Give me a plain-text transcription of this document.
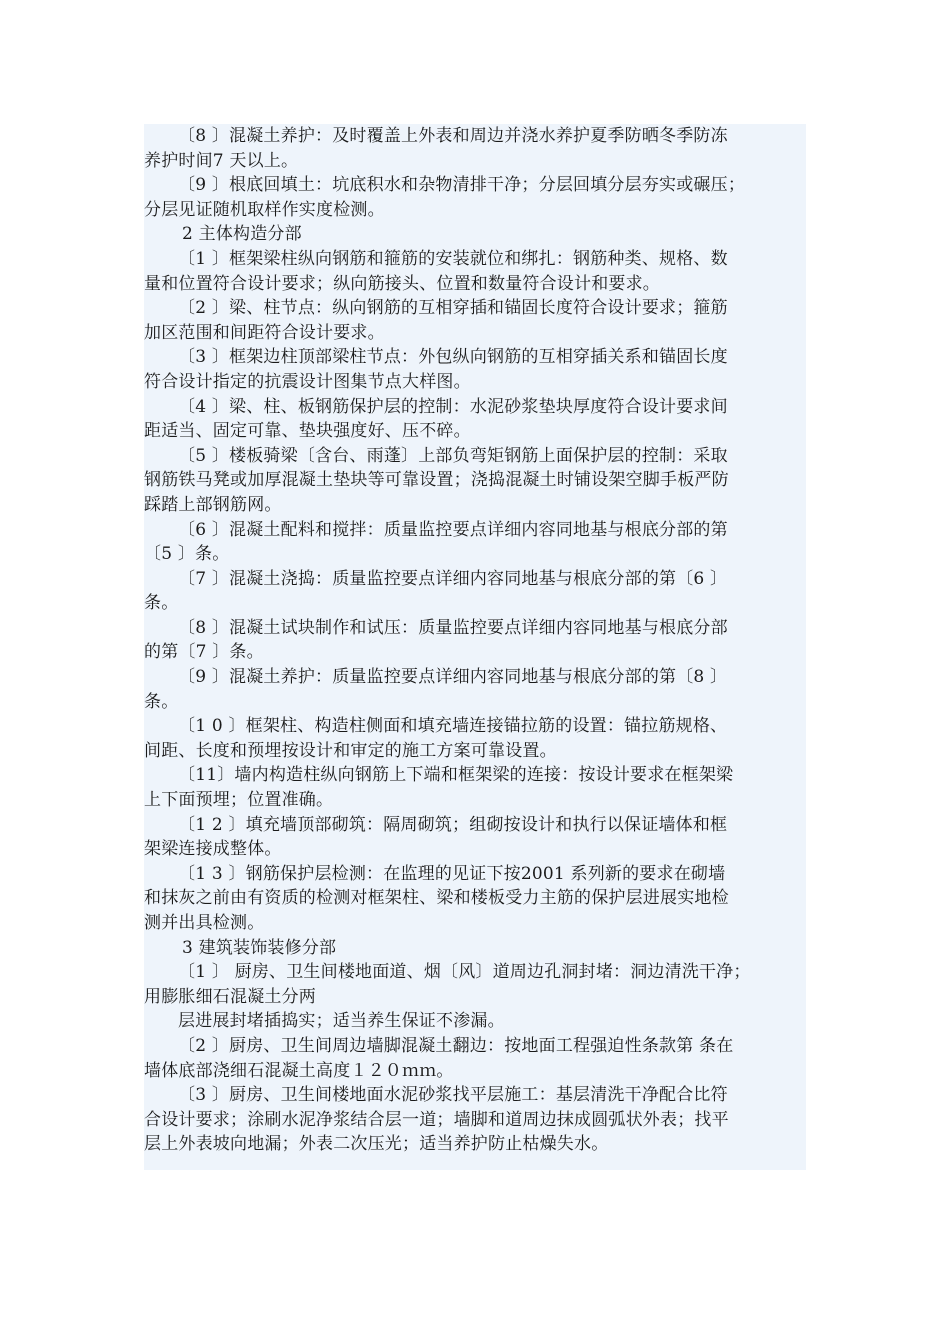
〔8 〕混凝土养护：及时覆盖上外表和周边并浇水养护夏季防晒冬季防冻
养护时间7 天以上。
〔9 〕根底回填土：坑底积水和杂物清排干净；分层回填分层夯实或碾压；
分层见证随机取样作实度检测。
2 主体构造分部
〔1 〕框架梁柱纵向钢筋和箍筋的安装就位和绑扎：钢筋种类、规格、数
量和位置符合设计要求；纵向筋接头、位置和数量符合设计和要求。
〔2 〕梁、柱节点：纵向钢筋的互相穿插和锚固长度符合设计要求；箍筋
加区范围和间距符合设计要求。
〔3 〕框架边柱顶部梁柱节点：外包纵向钢筋的互相穿插关系和锚固长度
符合设计指定的抗震设计图集节点大样图。
〔4 〕梁、柱、板钢筋保护层的控制：水泥砂浆垫块厚度符合设计要求间
距适当、固定可靠、垫块强度好、压不碎。
〔5 〕楼板骑梁〔含台、雨蓬〕上部负弯矩钢筋上面保护层的控制：采取
钢筋铁马凳或加厚混凝土垫块等可靠设置；浇捣混凝土时铺设架空脚手板严防
踩踏上部钢筋网。
〔6 〕混凝土配料和搅拌：质量监控要点详细内容同地基与根底分部的第
〔5 〕条。
〔7 〕混凝土浇捣：质量监控要点详细内容同地基与根底分部的第〔6 〕
条。
〔8 〕混凝土试块制作和试压：质量监控要点详细内容同地基与根底分部
的第〔7 〕条。
〔9 〕混凝土养护：质量监控要点详细内容同地基与根底分部的第〔8 〕
条。
〔1 0 〕框架柱、构造柱侧面和填充墙连接锚拉筋的设置：锚拉筋规格、
间距、长度和预埋按设计和审定的施工方案可靠设置。
〔11〕墙内构造柱纵向钢筋上下端和框架梁的连接：按设计要求在框架梁
上下面预埋；位置准确。
〔1 2 〕填充墙顶部砌筑：隔周砌筑；组砌按设计和执行以保证墙体和框
架梁连接成整体。
〔1 3 〕钢筋保护层检测：在监理的见证下按2001 系列新的要求在砌墙
和抹灰之前由有资质的检测对框架柱、梁和楼板受力主筋的保护层进展实地检
测并出具检测。
3 建筑装饰装修分部
〔1 〕 厨房、卫生间楼地面道、烟〔风〕道周边孔洞封堵：洞边清洗干净；
用膨胀细石混凝土分两
层进展封堵插捣实；适当养生保证不渗漏。
〔2 〕厨房、卫生间周边墙脚混凝土翻边：按地面工程强迫性条款第 条在
墙体底部浇细石混凝土高度１２０ｍｍ。
〔3 〕厨房、卫生间楼地面水泥砂浆找平层施工：基层清洗干净配合比符
合设计要求；涂刷水泥净浆结合层一道；墙脚和道周边抹成圆弧状外表；找平
层上外表坡向地漏；外表二次压光；适当养护防止枯燥失水。
